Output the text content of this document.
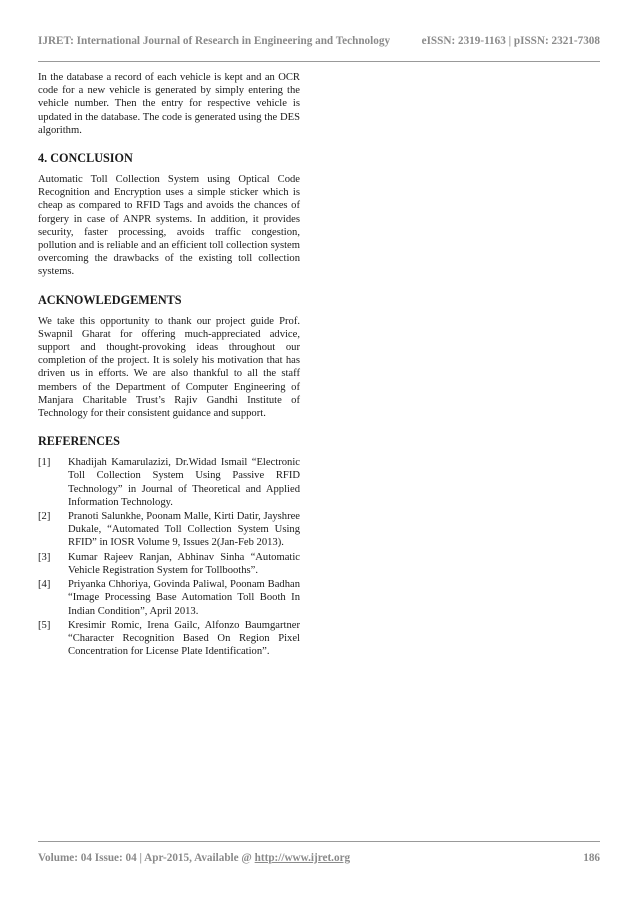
IJRET: International Journal of Research in Engineering and Technology	eISSN: 2319-1163 | pISSN: 2321-7308

In the database a record of each vehicle is kept and an OCR code for a new vehicle is generated by simply entering the vehicle number. Then the entry for respective vehicle is updated in the database. The code is generated using the DES algorithm.

4. CONCLUSION

Automatic Toll Collection System using Optical Code Recognition and Encryption uses a simple sticker which is cheap as compared to RFID Tags and avoids the chances of forgery in case of ANPR systems. In addition, it provides security, faster processing, avoids traffic congestion, pollution and is reliable and an efficient toll collection system overcoming the drawbacks of the existing toll collection systems.

ACKNOWLEDGEMENTS

We take this opportunity to thank our project guide Prof. Swapnil Gharat for offering much-appreciated advice, support and thought-provoking ideas throughout our completion of the project. It is solely his motivation that has driven us in efforts. We are also thankful to all the staff members of the Department of Computer Engineering of Manjara Charitable Trust’s Rajiv Gandhi Institute of Technology for their consistent guidance and support.

REFERENCES
[1]	Khadijah Kamarulazizi, Dr.Widad Ismail “Electronic Toll Collection System Using Passive RFID Technology” in Journal of Theoretical and Applied Information Technology.
[2]	Pranoti Salunkhe, Poonam Malle, Kirti Datir, Jayshree Dukale, “Automated Toll Collection System Using RFID” in IOSR Volume 9, Issues 2(Jan-Feb 2013).
[3]	Kumar Rajeev Ranjan, Abhinav Sinha “Automatic Vehicle Registration System for Tollbooths”.
[4]	Priyanka Chhoriya, Govinda Paliwal, Poonam Badhan “Image Processing Base Automation Toll Booth In Indian Condition”, April 2013.
[5]	Kresimir Romic, Irena Gailc, Alfonzo Baumgartner “Character Recognition Based On Region Pixel Concentration for License Plate Identification”.
Volume: 04 Issue: 04 | Apr-2015, Available @ http://www.ijret.org	186
